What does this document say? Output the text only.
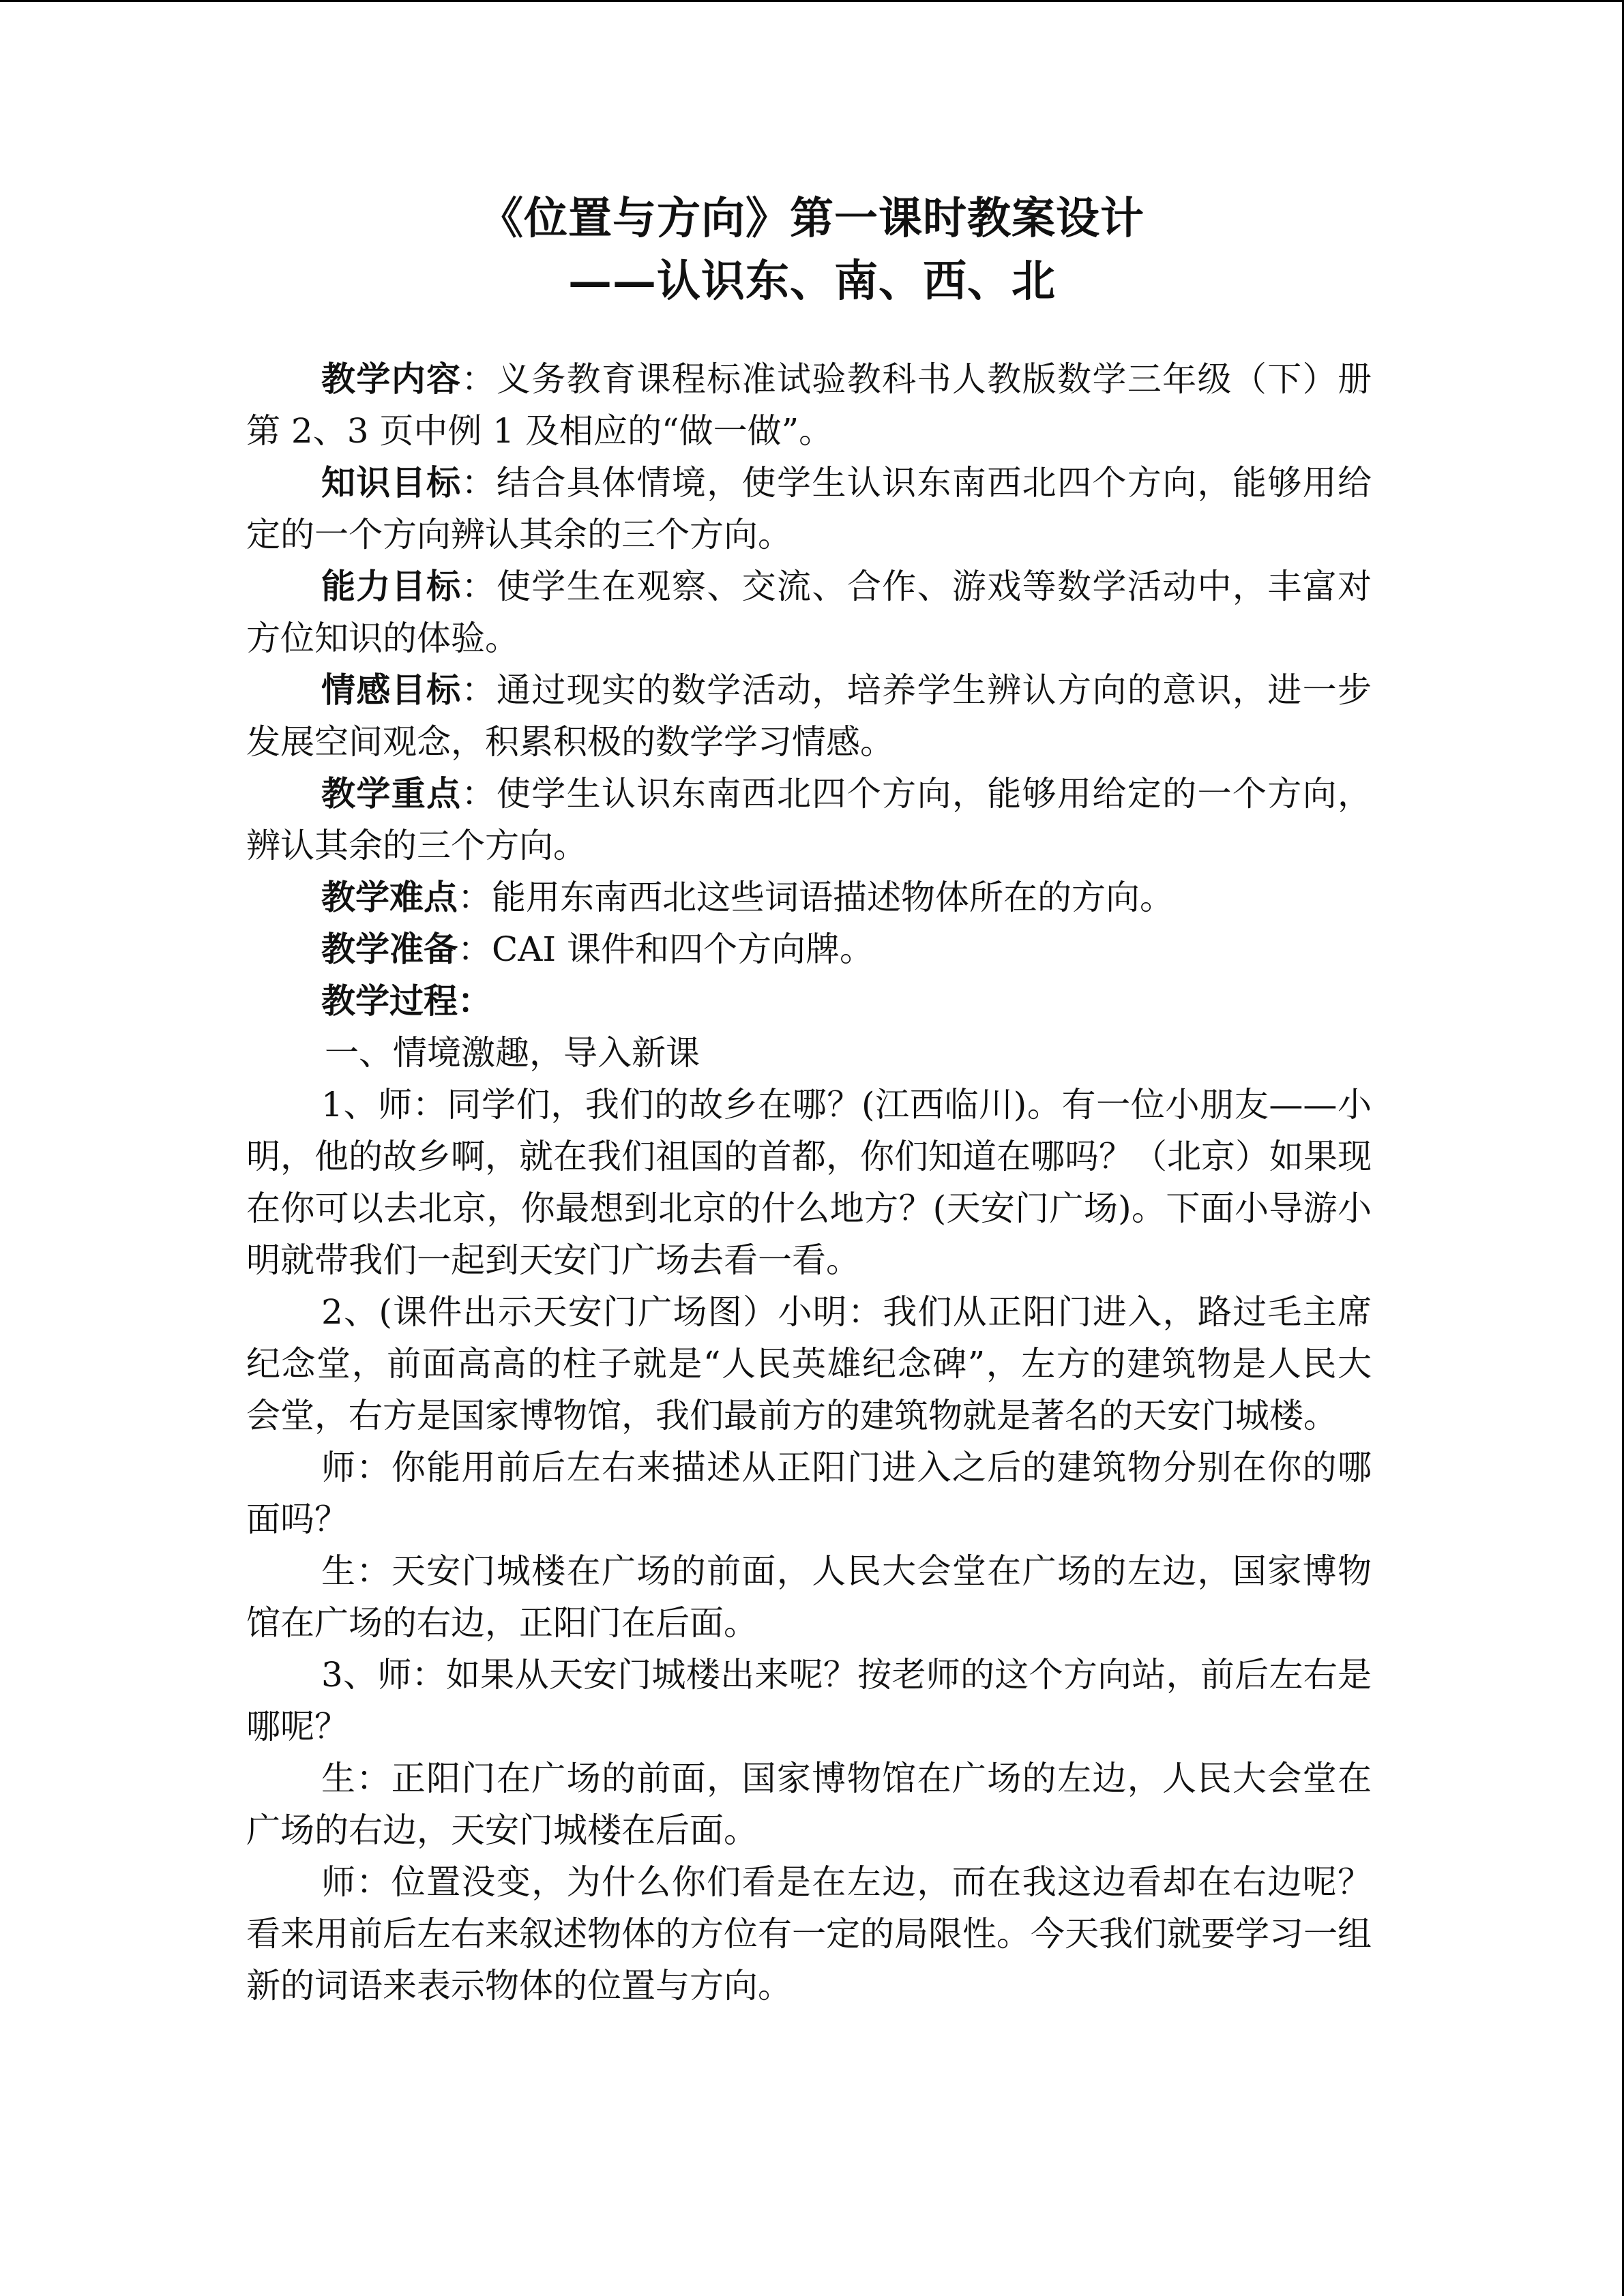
《位置与方向》第一课时教案设计
——认识东、南、西、北

教学内容：义务教育课程标准试验教科书人教版数学三年级（下）册第 2、3 页中例 1 及相应的“做一做”。

知识目标：结合具体情境，使学生认识东南西北四个方向，能够用给定的一个方向辨认其余的三个方向。

能力目标：使学生在观察、交流、合作、游戏等数学活动中，丰富对方位知识的体验。

情感目标：通过现实的数学活动，培养学生辨认方向的意识，进一步发展空间观念，积累积极的数学学习情感。

教学重点：使学生认识东南西北四个方向，能够用给定的一个方向，辨认其余的三个方向。

教学难点：能用东南西北这些词语描述物体所在的方向。

教学准备：CAI 课件和四个方向牌。

教学过程：

一、情境激趣，导入新课

1、师：同学们，我们的故乡在哪？(江西临川)。有一位小朋友——小明，他的故乡啊，就在我们祖国的首都，你们知道在哪吗？（北京）如果现在你可以去北京，你最想到北京的什么地方？(天安门广场)。下面小导游小明就带我们一起到天安门广场去看一看。

2、(课件出示天安门广场图）小明：我们从正阳门进入，路过毛主席纪念堂，前面高高的柱子就是“人民英雄纪念碑”，左方的建筑物是人民大会堂，右方是国家博物馆，我们最前方的建筑物就是著名的天安门城楼。

师：你能用前后左右来描述从正阳门进入之后的建筑物分别在你的哪面吗？

生：天安门城楼在广场的前面，人民大会堂在广场的左边，国家博物馆在广场的右边，正阳门在后面。

3、师：如果从天安门城楼出来呢？按老师的这个方向站，前后左右是哪呢？

生：正阳门在广场的前面，国家博物馆在广场的左边，人民大会堂在广场的右边，天安门城楼在后面。

师：位置没变，为什么你们看是在左边，而在我这边看却在右边呢？看来用前后左右来叙述物体的方位有一定的局限性。今天我们就要学习一组新的词语来表示物体的位置与方向。
